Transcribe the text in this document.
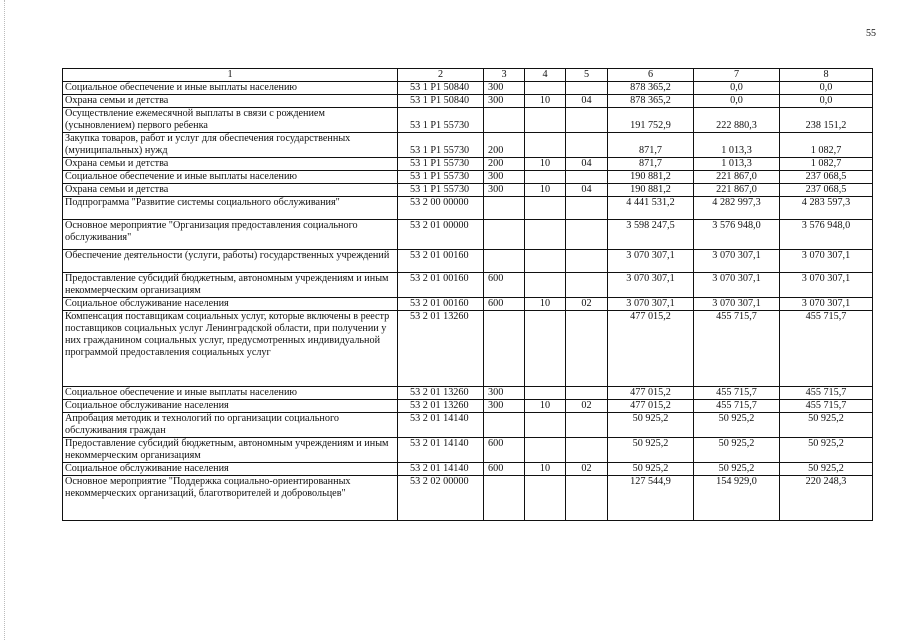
55
1	2	3	4	5	6	7	8
Социальное обеспечение и иные выплаты населению	53 1 P1 50840	300			878 365,2	0,0	0,0
Охрана семьи и детства	53 1 P1 50840	300	10	04	878 365,2	0,0	0,0
Осуществление ежемесячной выплаты в связи с рождением (усыновлением) первого ребенка	53 1 P1 55730				191 752,9	222 880,3	238 151,2
Закупка товаров, работ и услуг для обеспечения государственных (муниципальных) нужд	53 1 P1 55730	200			871,7	1 013,3	1 082,7
Охрана семьи и детства	53 1 P1 55730	200	10	04	871,7	1 013,3	1 082,7
Социальное обеспечение и иные выплаты населению	53 1 P1 55730	300			190 881,2	221 867,0	237 068,5
Охрана семьи и детства	53 1 P1 55730	300	10	04	190 881,2	221 867,0	237 068,5
Подпрограмма "Развитие системы социального обслуживания"	53 2 00 00000				4 441 531,2	4 282 997,3	4 283 597,3
Основное мероприятие "Организация предоставления социального обслуживания"	53 2 01 00000				3 598 247,5	3 576 948,0	3 576 948,0
Обеспечение деятельности (услуги, работы) государственных учреждений	53 2 01 00160				3 070 307,1	3 070 307,1	3 070 307,1
Предоставление субсидий бюджетным, автономным учреждениям и иным некоммерческим организациям	53 2 01 00160	600			3 070 307,1	3 070 307,1	3 070 307,1
Социальное обслуживание населения	53 2 01 00160	600	10	02	3 070 307,1	3 070 307,1	3 070 307,1
Компенсация поставщикам социальных услуг, которые включены в реестр поставщиков социальных услуг Ленинградской области, при получении у них гражданином социальных услуг, предусмотренных индивидуальной программой предоставления социальных услуг	53 2 01 13260				477 015,2	455 715,7	455 715,7
Социальное обеспечение и иные выплаты населению	53 2 01 13260	300			477 015,2	455 715,7	455 715,7
Социальное обслуживание населения	53 2 01 13260	300	10	02	477 015,2	455 715,7	455 715,7
Апробация методик и технологий по организации социального обслуживания граждан	53 2 01 14140				50 925,2	50 925,2	50 925,2
Предоставление субсидий бюджетным, автономным учреждениям и иным некоммерческим организациям	53 2 01 14140	600			50 925,2	50 925,2	50 925,2
Социальное обслуживание населения	53 2 01 14140	600	10	02	50 925,2	50 925,2	50 925,2
Основное мероприятие "Поддержка социально-ориентированных некоммерческих организаций, благотворителей и добровольцев"	53 2 02 00000				127 544,9	154 929,0	220 248,3
